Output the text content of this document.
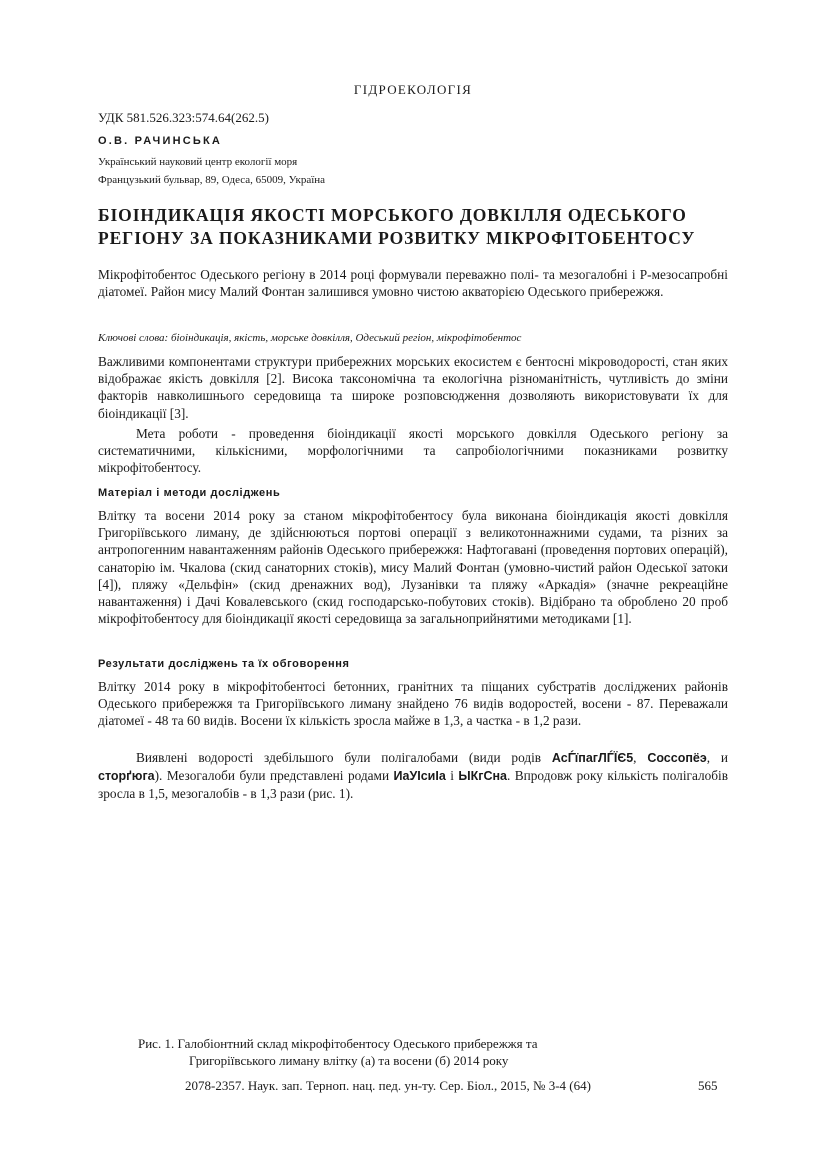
ГІДРОЕКОЛОГІЯ
УДК 581.526.323:574.64(262.5)
О.В. РАЧИНСЬКА
Український науковий центр екології моря
Французький бульвар, 89, Одеса, 65009, Україна
БІОІНДИКАЦІЯ ЯКОСТІ МОРСЬКОГО ДОВКІЛЛЯ ОДЕСЬКОГО РЕГІОНУ ЗА ПОКАЗНИКАМИ РОЗВИТКУ МІКРОФІТОБЕНТОСУ
Мікрофітобентос Одеського регіону в 2014 році формували переважно полі- та мезогалобні і Р-мезосапробні діатомеї. Район мису Малий Фонтан залишився умовно чистою акваторією Одеського прибережжя.
Ключові слова: біоіндикація, якість, морське довкілля, Одеський регіон, мікрофітобентос
Важливими компонентами структури прибережних морських екосистем є бентосні мікроводорості, стан яких відображає якість довкілля [2]. Висока таксономічна та екологічна різноманітність, чутливість до зміни факторів навколишнього середовища та широке розповсюдження дозволяють використовувати їх для біоіндикації [3].
Мета роботи - проведення біоіндикації якості морського довкілля Одеського регіону за систематичними, кількісними, морфологічними та сапробіологічними показниками розвитку мікрофітобентосу.
Матеріал і методи досліджень
Влітку та восени 2014 року за станом мікрофітобентосу була виконана біоіндикація якості довкілля Григоріївського лиману, де здійснюються портові операції з великотоннажними судами, та різних за антропогенним навантаженням районів Одеського прибережжя: Нафтогавані (проведення портових операцій), санаторію ім. Чкалова (скид санаторних стоків), мису Малий Фонтан (умовно-чистий район Одеської затоки [4]), пляжу «Дельфін» (скид дренажних вод), Лузанівки та пляжу «Аркадія» (значне рекреаційне навантаження) і Дачі Ковалевського (скид господарсько-побутових стоків). Відібрано та оброблено 20 проб мікрофітобентосу для біоіндикації якості середовища за загальноприйнятими методиками [1].
Результати досліджень та їх обговорення
Влітку 2014 року в мікрофітобентосі бетонних, гранітних та піщаних субстратів досліджених районів Одеського прибережжя та Григоріївського лиману знайдено 76 видів водоростей, восени - 87. Переважали діатомеї - 48 та 60 видів. Восени їх кількість зросла майже в 1,3, а частка - в 1,2 рази.
Виявлені водорості здебільшого були полігалобами (види родів АсЃїпагЛЃЇЄ5, Соссопёэ, и сторґюга). Мезогалоби були представлені родами ИаУІсиІа і ЫКгСна. Впродовж року кількість полігалобів зросла в 1,5, мезогалобів - в 1,3 рази (рис. 1).
Рис. 1. Галобіонтний склад мікрофітобентосу Одеського прибережжя та
Григоріївського лиману влітку (а) та восени (б) 2014 року
2078-2357. Наук. зап. Терноп. нац. пед. ун-ту. Сер. Біол., 2015, № 3-4 (64)	565
